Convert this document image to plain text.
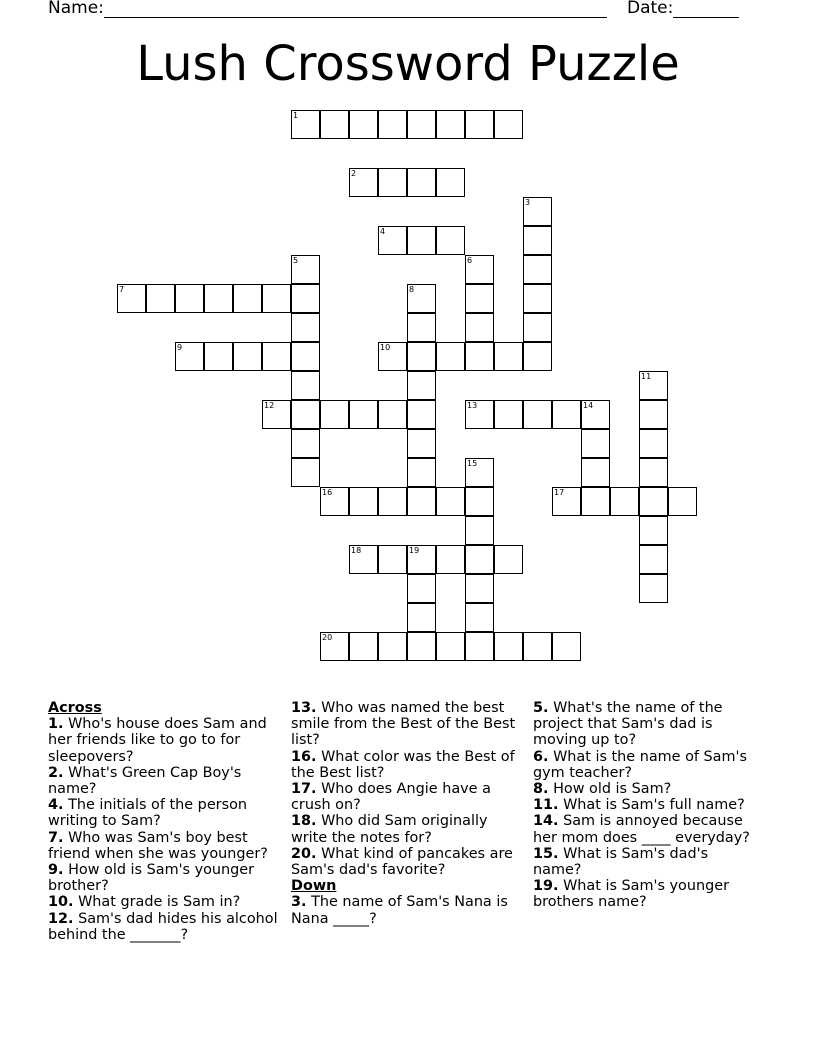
Name:	Date:
Lush Crossword Puzzle
1
2
3
4
5	6
7	8
9	10
11
12	13	14
15
16	17
18	19
20

Across

1. Who's house does Sam and her friends like to go to for sleepovers?

2. What's Green Cap Boy's name?

4. The initials of the person writing to Sam?

7. Who was Sam's boy best friend when she was younger?

9. How old is Sam's younger brother?

10. What grade is Sam in?

12. Sam's dad hides his alcohol behind the _______?

13. Who was named the best smile from the Best of the Best list?

16. What color was the Best of the Best list?

17. Who does Angie have a crush on?

18. Who did Sam originally write the notes for?

20. What kind of pancakes are Sam's dad's favorite?

Down

3. The name of Sam's Nana is Nana _____?

5. What's the name of the project that Sam's dad is moving up to?

6. What is the name of Sam's gym teacher?

8. How old is Sam?

11. What is Sam's full name?

14. Sam is annoyed because her mom does ____ everyday?

15. What is Sam's dad's name?

19. What is Sam's younger brothers name?
